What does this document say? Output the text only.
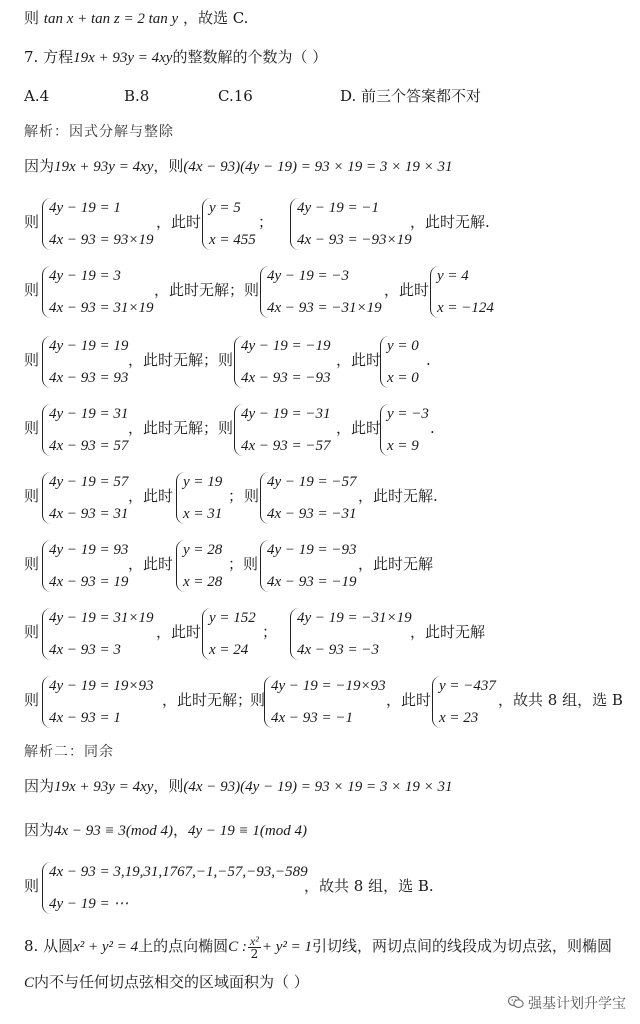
则 tan x + tan z = 2 tan y ，故选 C.
7. 方程19x + 93y = 4xy的整数解的个数为（ ）
A.4	B.8	C.16	D. 前三个答案都不对
解析：因式分解与整除
因为19x + 93y = 4xy，则(4x − 93)(4y − 19) = 93 × 19 = 3 × 19 × 31
则
4y − 19 = 1
4x − 93 = 93×19
，此时
y = 5
x = 455
；
4y − 19 = −1
4x − 93 = −93×19
，此时无解.
则
4y − 19 = 3
4x − 93 = 31×19
，此时无解； 则
4y − 19 = −3
4x − 93 = −31×19
，此时
y = 4
x = −124
则
4y − 19 = 19
4x − 93 = 93
，此时无解； 则
4y − 19 = −19
4x − 93 = −93
，此时
y = 0
x = 0
.
则
4y − 19 = 31
4x − 93 = 57
，此时无解； 则
4y − 19 = −31
4x − 93 = −57
，此时
y = −3
x = 9
.
则
4y − 19 = 57
4x − 93 = 31
，此时
y = 19
x = 31
； 则
4y − 19 = −57
4x − 93 = −31
，此时无解.
则
4y − 19 = 93
4x − 93 = 19
，此时
y = 28
x = 28
；则
4y − 19 = −93
4x − 93 = −19
，此时无解
则
4y − 19 = 31×19
4x − 93 = 3
，此时
y = 152
x = 24
；
4y − 19 = −31×19
4x − 93 = −3
，此时无解
则
4y − 19 = 19×93
4x − 93 = 1
，此时无解；
则
4y − 19 = −19×93
4x − 93 = −1
，此时
y = −437
x = 23
，故共 8 组，选 B
解析二：同余
因为19x + 93y = 4xy，则(4x − 93)(4y − 19) = 93 × 19 = 3 × 19 × 31
因为4x − 93 ≡ 3(mod 4)，4y − 19 ≡ 1(mod 4)
则
4x − 93 = 3,19,31,1767,−1,−57,−93,−589
4y − 19 = ⋯
，故共 8 组，选 B.
8. 从圆x² + y² = 4上的点向椭圆C : $\frac{\text{x²}}{2} + y^2 = 1$引切线，两切点间的线段成为切点弦，则椭圆
C内不与任何切点弦相交的区域面积为（ ）
强基计划升学宝
